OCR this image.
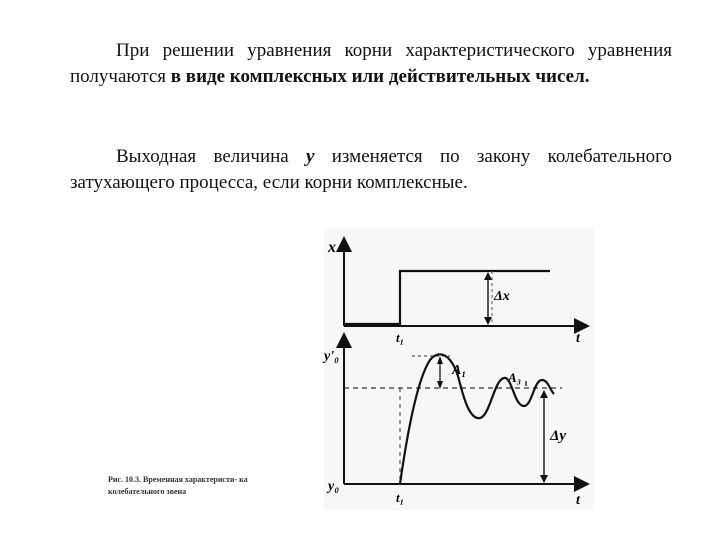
При решении уравнения корни характеристического уравнения получаются в виде комплексных или действительных чисел.

Выходная величина y изменяется по закону колебательного затухающего процесса, если корни комплексные.

Рис. 10.3. Временная характеристи- ка колебательного звена
x
t
t₁
Δx
y'₀
y₀
t
t₁
A₁	A₃
Δy
